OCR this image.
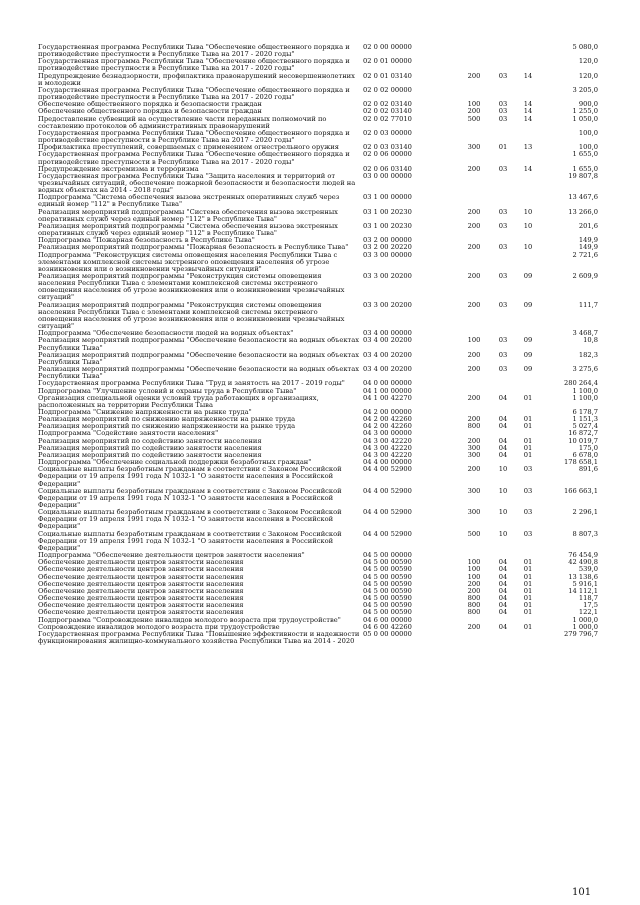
Государственная программа Республики Тыва "Обеспечение общественного порядка и противодействие преступности в Республике Тыва на 2017 - 2020 годы"
02 0 00 00000	5 080,0
Государственная программа Республики Тыва "Обеспечение общественного порядка и противодействие преступности в Республике Тыва на 2017 - 2020 годы"
02 0 01 00000	120,0
Предупреждение безнадзорности, профилактика правонарушений несовершеннолетних и молодежи
02 0 01 03140	200	03	14	120,0
Государственная программа Республики Тыва "Обеспечение общественного порядка и противодействие преступности в Республике Тыва на 2017 - 2020 годы"
02 0 02 00000	3 205,0
Обеспечение общественного порядка и безопасности граждан	02 0 02 03140	100	03	14	900,0
Обеспечение общественного порядка и безопасности граждан	02 0 02 03140	200	03	14	1 255,0
Предоставление субвенций на осуществление части переданных полномочий по составлению протоколов об административных правонарушений
02 0 02 77010	500	03	14	1 050,0
Государственная программа Республики Тыва "Обеспечение общественного порядка и противодействие преступности в Республике Тыва на 2017 - 2020 годы"
02 0 03 00000	100,0
Профилактика преступлений, совершаемых с применением огнестрельного оружия	02 0 03 03140	300	01	13	100,0
Государственная программа Республики Тыва "Обеспечение общественного порядка и противодействие преступности в Республике Тыва на 2017 - 2020 годы"
02 0 06 00000	1 655,0
Предупреждение экстремизма и терроризма	02 0 06 03140	200	03	14	1 655,0
Государственная программа Республики Тыва "Защита населения и территорий от чрезвычайных ситуаций, обеспечение пожарной безопасности и безопасности людей на водных объектах на 2014 - 2018 годы"
03 0 00 00000	19 807,8
Подпрограмма "Система обеспечения вызова экстренных оперативных служб через единый номер "112" в Республике Тыва"
03 1 00 00000	13 467,6
Реализация мероприятий подпрограммы "Система обеспечения вызова экстренных оперативных служб через единый номер "112" в Республике Тыва"
03 1 00 20230	200	03	10	13 266,0
Реализация мероприятий подпрограммы "Система обеспечения вызова экстренных оперативных служб через единый номер "112" в Республике Тыва"
03 1 00 20230	200	03	10	201,6
Подпрограмма "Пожарная безопасность в Республике Тыва"	03 2 00 00000	149,9
Реализация мероприятий подпрограммы "Пожарная безопасность в Республике Тыва"	03 2 00 20220	200	03	10	149,9
Подпрограмма "Реконструкция системы оповещения населения Республики Тыва с элементами комплексной системы экстренного оповещения населения об угрозе возникновения или о возникновении чрезвычайных ситуаций"
03 3 00 00000	2 721,6
Реализация мероприятий подпрограммы "Реконструкция системы оповещения населения Республики Тыва с элементами комплексной системы экстренного оповещения населения об угрозе возникновения или о возникновении чрезвычайных ситуаций"
03 3 00 20200	200	03	09	2 609,9
Реализация мероприятий подпрограммы "Реконструкция системы оповещения населения Республики Тыва с элементами комплексной системы экстренного оповещения населения об угрозе возникновения или о возникновении чрезвычайных ситуаций"
03 3 00 20200	200	03	09	111,7
Подпрограмма "Обеспечение безопасности людей на водных объектах"	03 4 00 00000	3 468,7
Реализация мероприятий подпрограммы "Обеспечение безопасности на водных объектах Республики Тыва"
03 4 00 20200	100	03	09	10,8
Реализация мероприятий подпрограммы "Обеспечение безопасности на водных объектах Республики Тыва"
03 4 00 20200	200	03	09	182,3
Реализация мероприятий подпрограммы "Обеспечение безопасности на водных объектах Республики Тыва"
03 4 00 20200	200	03	09	3 275,6
Государственная программа Республики Тыва "Труд и занятость на 2017 - 2019 годы"	04 0 00 00000	280 264,4
Подпрограмма "Улучшение условий и охраны труда в Республике Тыва"	04 1 00 00000	1 100,0
Организация специальной оценки условий труда работающих в организациях, расположенных на территории Республики Тыва
04 1 00 42270	200	04	01	1 100,0
Подпрограмма "Снижение напряженности на рынке труда"	04 2 00 00000	6 178,7
Реализация мероприятий по снижению напряженности на рынке труда	04 2 00 42260	200	04	01	1 151,3
Реализация мероприятий по снижению напряженности на рынке труда	04 2 00 42260	800	04	01	5 027,4
Подпрограмма "Содействие занятости населения"	04 3 00 00000	16 872,7
Реализация мероприятий по содействию занятости населения	04 3 00 42220	200	04	01	10 019,7
Реализация мероприятий по содействию занятости населения	04 3 00 42220	300	04	01	175,0
Реализация мероприятий по содействию занятости населения	04 3 00 42220	300	04	01	6 678,0
Подпрограмма "Обеспечение социальной поддержки безработных граждан"	04 4 00 00000	178 658,1
Социальные выплаты безработным гражданам в соответствии с Законом Российской Федерации от 19 апреля 1991 года N 1032-1 "О занятости населения в Российской Федерации"
04 4 00 52900	200	10	03	891,6
Социальные выплаты безработным гражданам в соответствии с Законом Российской Федерации от 19 апреля 1991 года N 1032-1 "О занятости населения в Российской Федерации"
04 4 00 52900	300	10	03	166 663,1
Социальные выплаты безработным гражданам в соответствии с Законом Российской Федерации от 19 апреля 1991 года N 1032-1 "О занятости населения в Российской Федерации"
04 4 00 52900	300	10	03	2 296,1
Социальные выплаты безработным гражданам в соответствии с Законом Российской Федерации от 19 апреля 1991 года N 1032-1 "О занятости населения в Российской Федерации"
04 4 00 52900	500	10	03	8 807,3
Подпрограмма "Обеспечение деятельности центров занятости населения"	04 5 00 00000	76 454,9
Обеспечение деятельности центров занятости населения	04 5 00 00590	100	04	01	42 490,8
Обеспечение деятельности центров занятости населения	04 5 00 00590	100	04	01	539,0
Обеспечение деятельности центров занятости населения	04 5 00 00590	100	04	01	13 138,6
Обеспечение деятельности центров занятости населения	04 5 00 00590	200	04	01	5 916,1
Обеспечение деятельности центров занятости населения	04 5 00 00590	200	04	01	14 112,1
Обеспечение деятельности центров занятости населения	04 5 00 00590	800	04	01	118,7
Обеспечение деятельности центров занятости населения	04 5 00 00590	800	04	01	17,5
Обеспечение деятельности центров занятости населения	04 5 00 00590	800	04	01	122,1
Подпрограмма "Сопровождение инвалидов молодого возраста при трудоустройстве"	04 6 00 00000	1 000,0
Сопровождение инвалидов молодого возраста при трудоустройстве	04 6 00 42260	200	04	01	1 000,0
Государственная программа Республики Тыва "Повышение эффективности и надежности функционирования жилищно-коммунального хозяйства Республики Тыва на 2014 - 2020
05 0 00 00000	279 796,7
101
